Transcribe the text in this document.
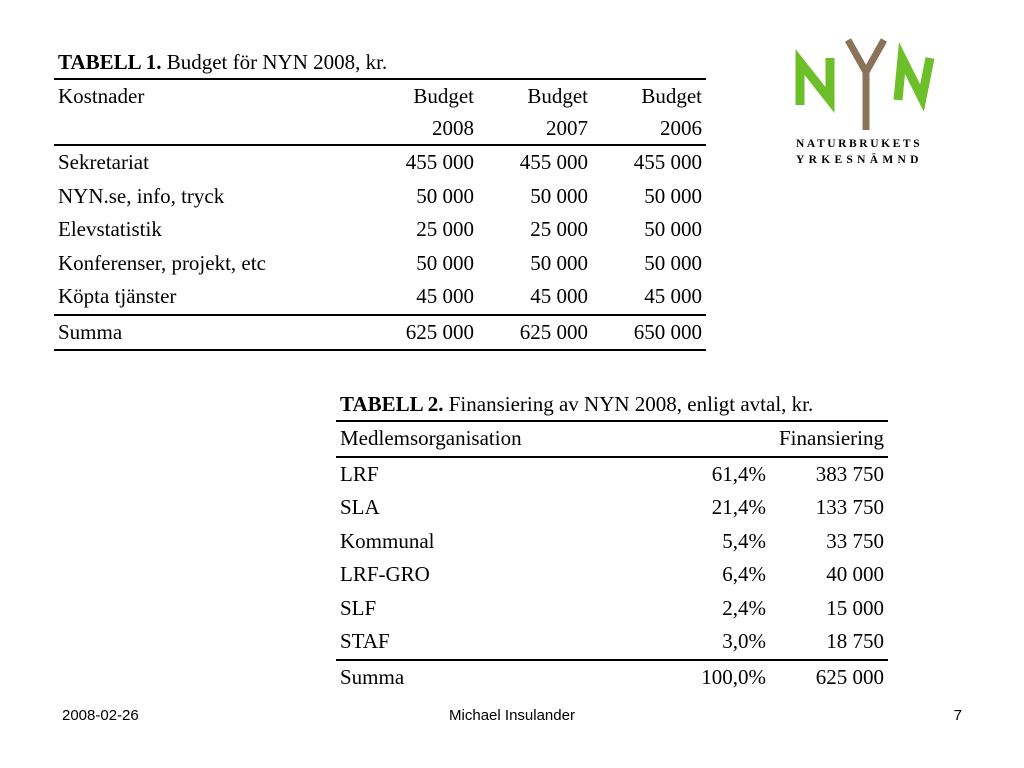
TABELL 1. Budget för NYN 2008, kr.
Kostnader	Budget	Budget	Budget
	2008	2007	2006
Sekretariat	455 000	455 000	455 000
NYN.se, info, tryck	50 000	50 000	50 000
Elevstatistik	25 000	25 000	50 000
Konferenser, projekt, etc	50 000	50 000	50 000
Köpta tjänster	45 000	45 000	45 000
Summa	625 000	625 000	650 000
NATURBRUKETS
YRKESNÄMND
TABELL 2. Finansiering av NYN 2008, enligt avtal, kr.
Medlemsorganisation	Finansiering	
LRF	61,4%	383 750
SLA	21,4%	133 750
Kommunal	5,4%	33 750
LRF-GRO	6,4%	40 000
SLF	2,4%	15 000
STAF	3,0%	18 750
Summa	100,0%	625 000
2008-02-26	Michael Insulander	7
